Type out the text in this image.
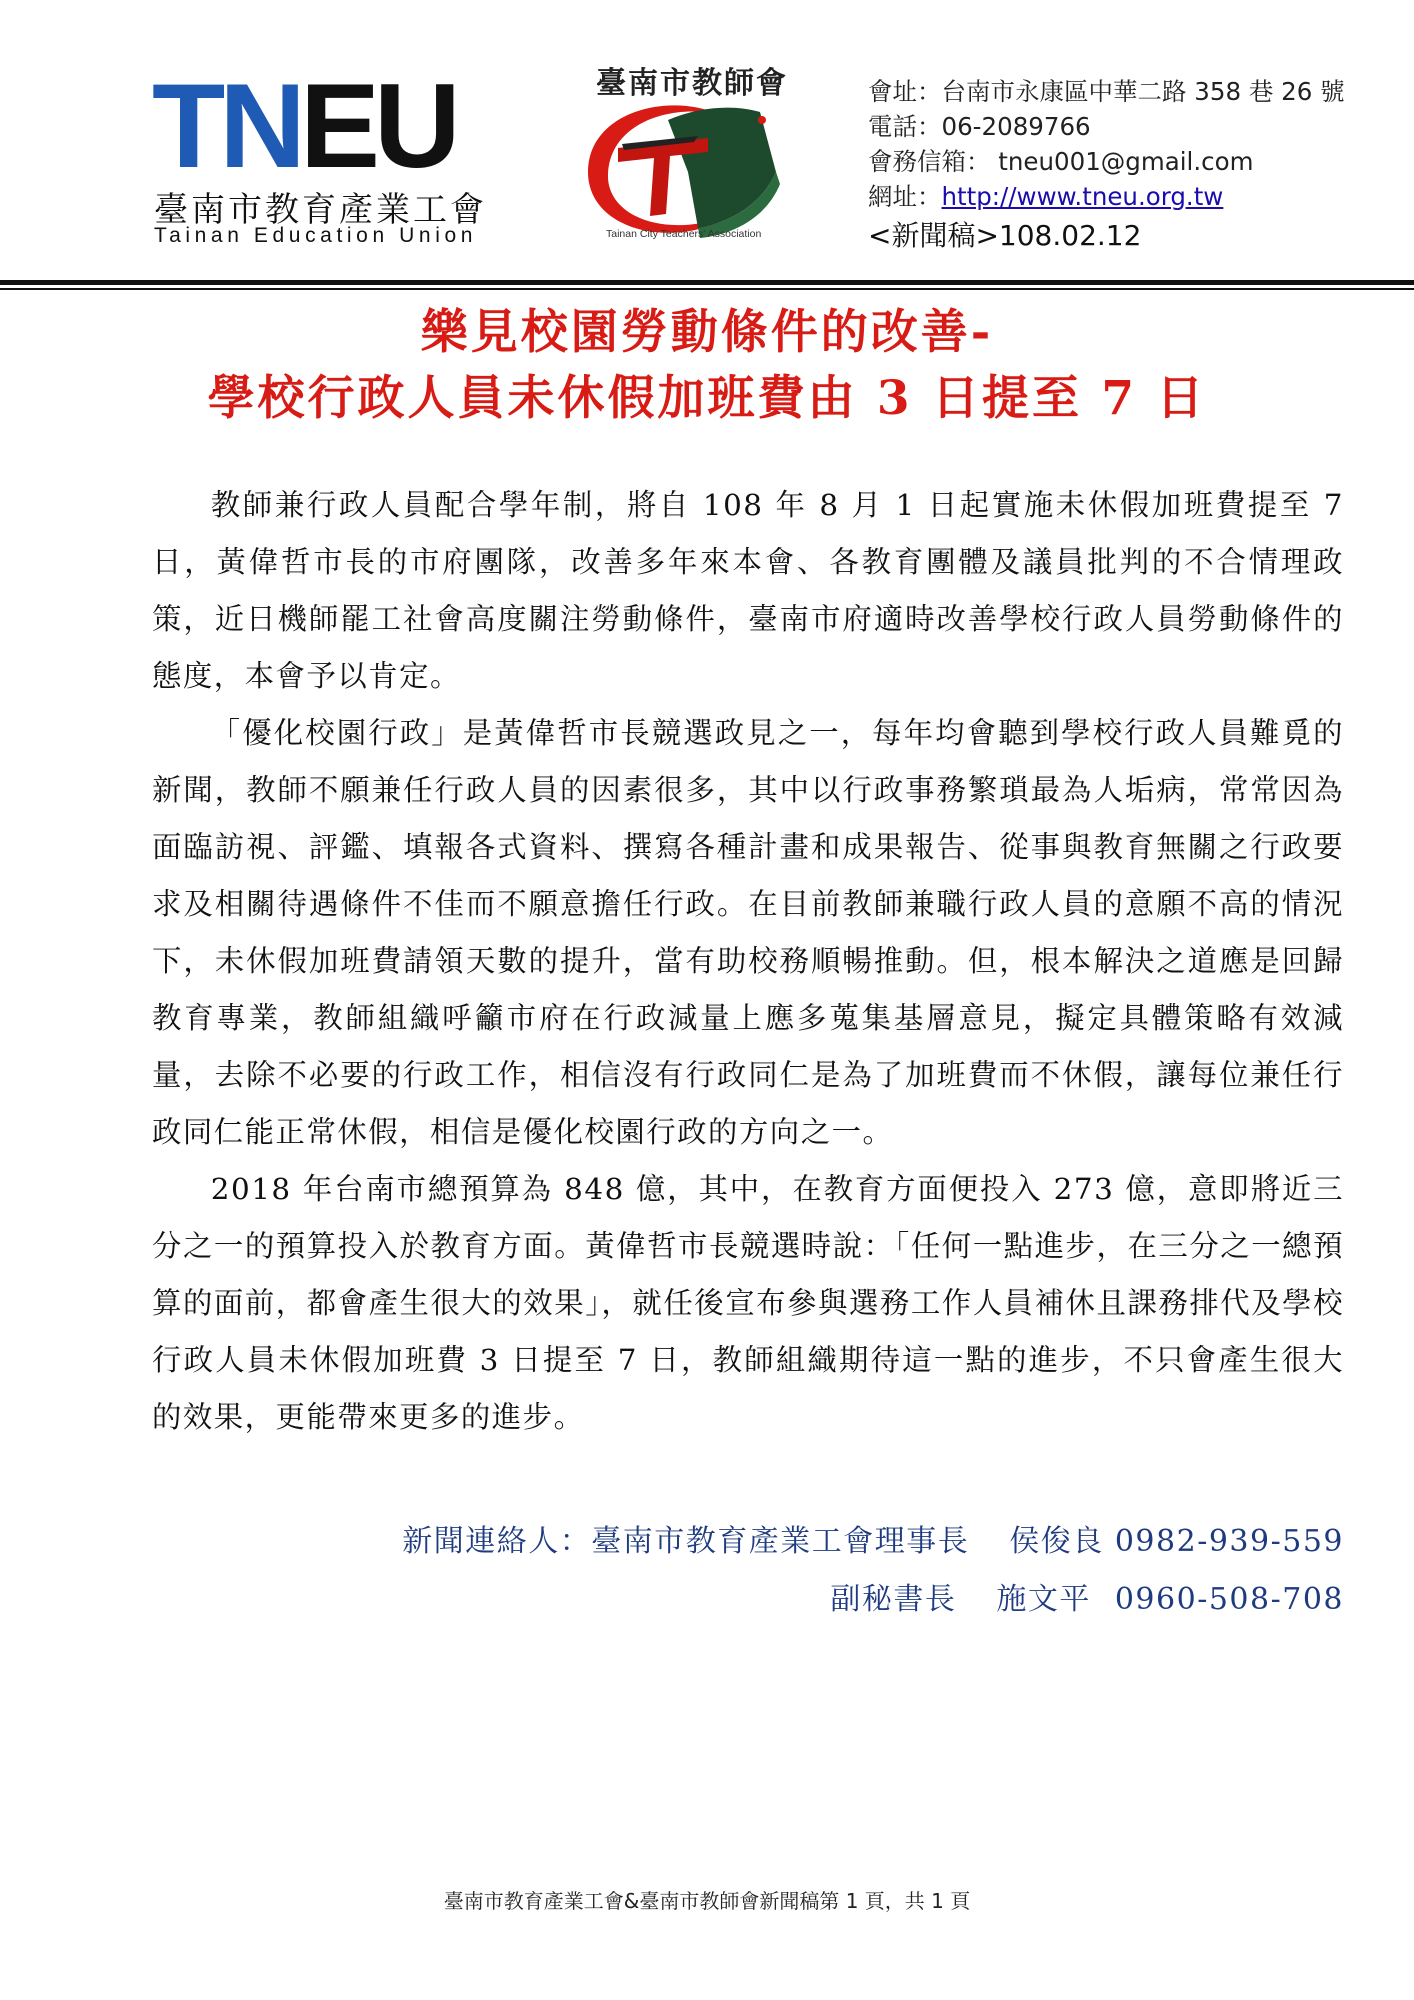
TNEU
臺南市教育產業工會
Tainan Education Union
臺南市教師會
Tainan City Teachers' Association
會址：台南市永康區中華二路 358 巷 26 號
電話：06-2089766
會務信箱： tneu001@gmail.com
網址：http://www.tneu.org.tw
<新聞稿>108.02.12
樂見校園勞動條件的改善-
學校行政人員未休假加班費由 3 日提至 7 日

教師兼行政人員配合學年制，將自 108 年 8 月 1 日起實施未休假加班費提至 7 日，黃偉哲市長的市府團隊，改善多年來本會、各教育團體及議員批判的不合情理政策，近日機師罷工社會高度關注勞動條件，臺南市府適時改善學校行政人員勞動條件的態度，本會予以肯定。

「優化校園行政」是黃偉哲市長競選政見之一，每年均會聽到學校行政人員難覓的新聞，教師不願兼任行政人員的因素很多，其中以行政事務繁瑣最為人垢病，常常因為面臨訪視、評鑑、填報各式資料、撰寫各種計畫和成果報告、從事與教育無關之行政要求及相關待遇條件不佳而不願意擔任行政。在目前教師兼職行政人員的意願不高的情況下，未休假加班費請領天數的提升，當有助校務順暢推動。但，根本解決之道應是回歸教育專業，教師組織呼籲市府在行政減量上應多蒐集基層意見，擬定具體策略有效減量，去除不必要的行政工作，相信沒有行政同仁是為了加班費而不休假，讓每位兼任行政同仁能正常休假，相信是優化校園行政的方向之一。

2018 年台南市總預算為 848 億，其中，在教育方面便投入 273 億，意即將近三分之一的預算投入於教育方面。黃偉哲市長競選時說：「任何一點進步，在三分之一總預算的面前，都會產生很大的效果」，就任後宣布參與選務工作人員補休且課務排代及學校行政人員未休假加班費 3 日提至 7 日，教師組織期待這一點的進步，不只會產生很大的效果，更能帶來更多的進步。

新聞連絡人：臺南市教育產業工會理事長 侯俊良 0982-939-559
副秘書長 施文平 0960-508-708
臺南市教育產業工會&臺南市教師會新聞稿第 1 頁，共 1 頁
